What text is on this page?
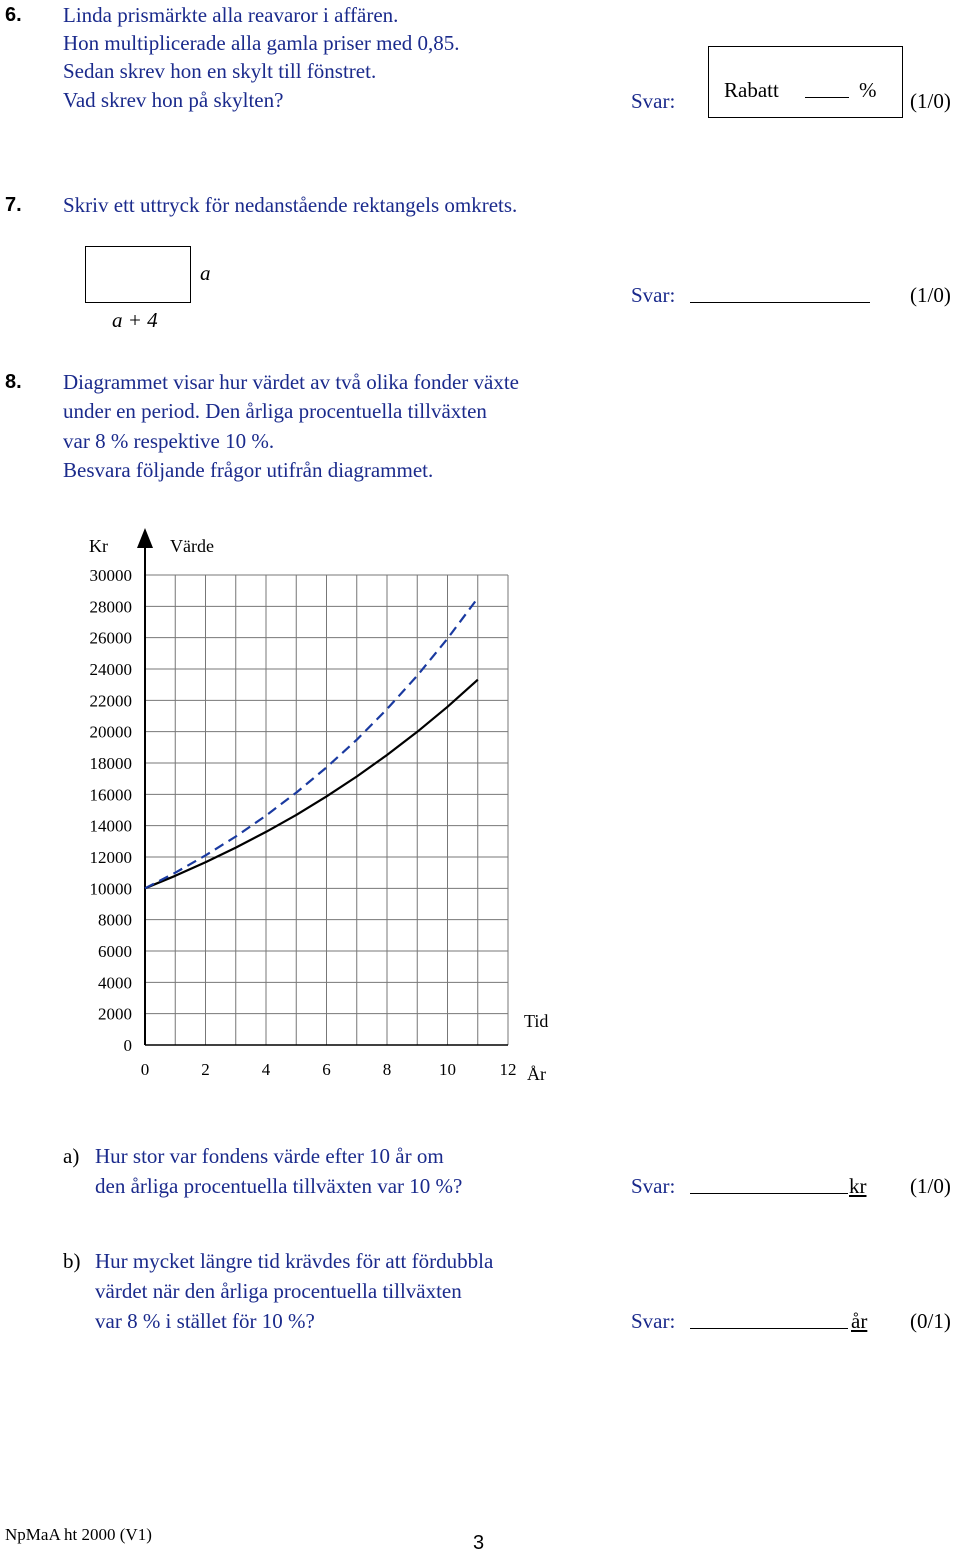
6. Linda prismärkte alla reavaror i affären.
Hon multiplicerade alla gamla priser med 0,85.
Sedan skrev hon en skylt till fönstret.
Vad skrev hon på skylten?	Svar: Rabatt	% (1/0)
7. Skriv ett uttryck för nedanstående rektangels omkrets.
a
a + 4
Svar:	(1/0)
8. Diagrammet visar hur värdet av två olika fonder växte
under en period. Den årliga procentuella tillväxten
var 8 % respektive 10 %.
Besvara följande frågor utifrån diagrammet.
0
2000
4000
6000
8000
10000
12000
14000
16000
18000
20000
22000
24000
26000
28000
30000
0	2	4	6	8	10	12
Kr	Värde
Tid
År
a) Hur stor var fondens värde efter 10 år om
den årliga procentuella tillväxten var 10 %?	Svar:	kr (1/0)
b) Hur mycket längre tid krävdes för att fördubbla
värdet när den årliga procentuella tillväxten
var 8 % i stället för 10 %?	Svar:	år (0/1)
NpMaA ht 2000 (V1)	3
